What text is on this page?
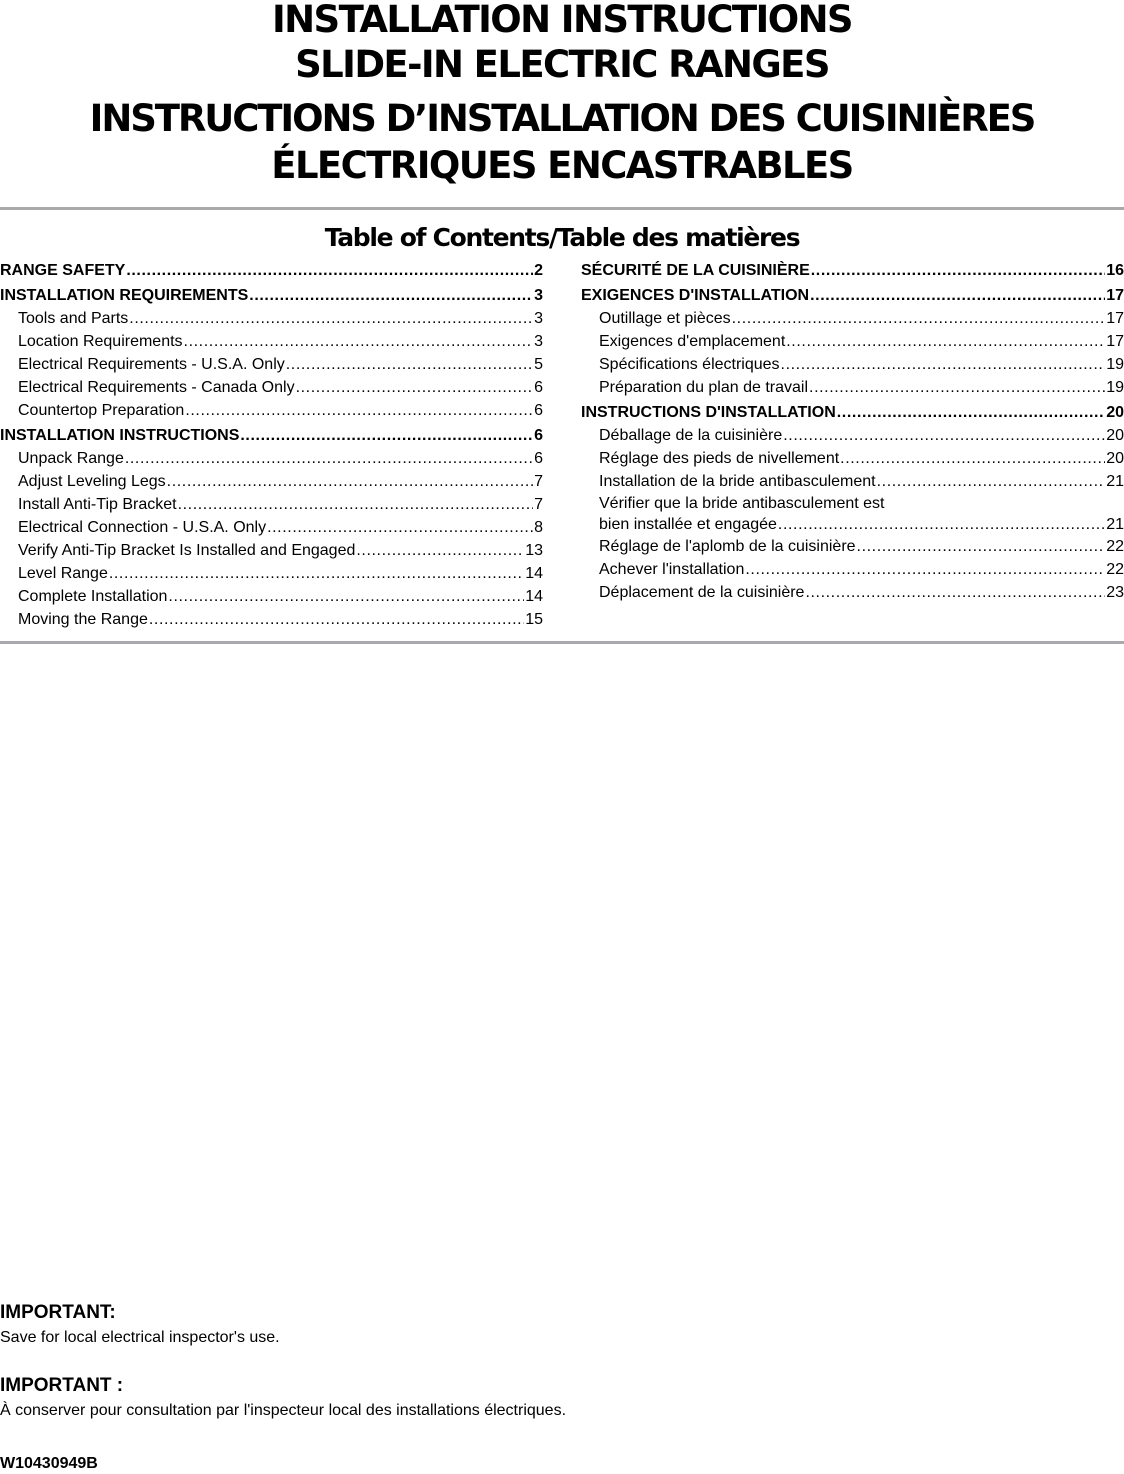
INSTALLATION INSTRUCTIONS
SLIDE-IN ELECTRIC RANGES
INSTRUCTIONS D’INSTALLATION DES CUISINIÈRES
ÉLECTRIQUES ENCASTRABLES
Table of Contents/Table des matières
RANGE SAFETY .....	2
INSTALLATION REQUIREMENTS .....	3
Tools and Parts .....	3
Location Requirements .....	3
Electrical Requirements - U.S.A. Only .....	5
Electrical Requirements - Canada Only .....	6
Countertop Preparation .....	6
INSTALLATION INSTRUCTIONS .....	6
Unpack Range .....	6
Adjust Leveling Legs .....	7
Install Anti-Tip Bracket .....	7
Electrical Connection - U.S.A. Only .....	8
Verify Anti-Tip Bracket Is Installed and Engaged .....	13
Level Range .....	14
Complete Installation .....	14
Moving the Range .....	15
SÉCURITÉ DE LA CUISINIÈRE .....	16
EXIGENCES D'INSTALLATION .....	17
Outillage et pièces .....	17
Exigences d'emplacement .....	17
Spécifications électriques .....	19
Préparation du plan de travail .....	19
INSTRUCTIONS D'INSTALLATION .....	20
Déballage de la cuisinière .....	20
Réglage des pieds de nivellement .....	20
Installation de la bride antibasculement .....	21
Vérifier que la bride antibasculement est
bien installée et engagée .....	21
Réglage de l'aplomb de la cuisinière .....	22
Achever l'installation .....	22
Déplacement de la cuisinière .....	23
IMPORTANT:
Save for local electrical inspector's use.
IMPORTANT :
À conserver pour consultation par l'inspecteur local des installations électriques.
W10430949B
